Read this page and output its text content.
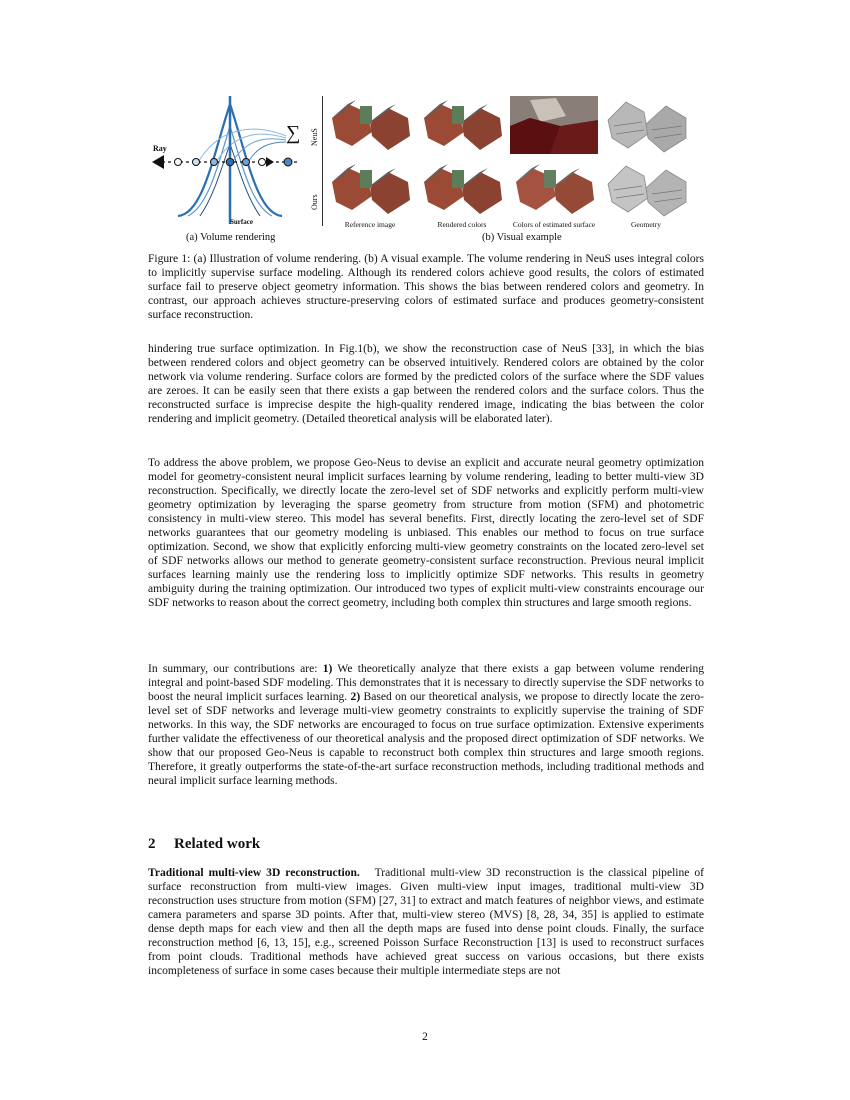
Ray
Surface
∑
(a) Volume rendering
NeuS
Ours
Reference image	Rendered colors	Colors of estimated surface	Geometry
(b) Visual example

Figure 1: (a) Illustration of volume rendering. (b) A visual example. The volume rendering in NeuS uses integral colors to implicitly supervise surface modeling. Although its rendered colors achieve good results, the colors of estimated surface fail to preserve object geometry information. This shows the bias between rendered colors and geometry. In contrast, our approach achieves structure-preserving colors of estimated surface and produces geometry-consistent surface reconstruction.

hindering true surface optimization. In Fig.1(b), we show the reconstruction case of NeuS [33], in which the bias between rendered colors and object geometry can be observed intuitively. Rendered colors are obtained by the color network via volume rendering. Surface colors are formed by the predicted colors of the surface where the SDF values are zeroes. It can be easily seen that there exists a gap between the rendered colors and the surface colors. Thus the reconstructed surface is imprecise despite the high-quality rendered image, indicating the bias between the color rendering and implicit geometry. (Detailed theoretical analysis will be elaborated later).

To address the above problem, we propose Geo-Neus to devise an explicit and accurate neural geometry optimization model for geometry-consistent neural implicit surfaces learning by volume rendering, leading to better multi-view 3D reconstruction. Specifically, we directly locate the zero-level set of SDF networks and explicitly perform multi-view geometry optimization by leveraging the sparse geometry from structure from motion (SFM) and photometric consistency in multi-view stereo. This model has several benefits. First, directly locating the zero-level set of SDF networks guarantees that our geometry modeling is unbiased. This enables our method to focus on true surface optimization. Second, we show that explicitly enforcing multi-view geometry constraints on the located zero-level set of SDF networks allows our method to generate geometry-consistent surface reconstruction. Previous neural implicit surfaces learning mainly use the rendering loss to implicitly optimize SDF networks. This results in geometry ambiguity during the training optimization. Our introduced two types of explicit multi-view constraints encourage our SDF networks to reason about the correct geometry, including both complex thin structures and large smooth regions.

In summary, our contributions are: 1) We theoretically analyze that there exists a gap between volume rendering integral and point-based SDF modeling. This demonstrates that it is necessary to directly supervise the SDF networks to boost the neural implicit surfaces learning. 2) Based on our theoretical analysis, we propose to directly locate the zero-level set of SDF networks and leverage multi-view geometry constraints to explicitly supervise the training of SDF networks. In this way, the SDF networks are encouraged to focus on true surface optimization. Extensive experiments further validate the effectiveness of our theoretical analysis and the proposed direct optimization of SDF networks. We show that our proposed Geo-Neus is capable to reconstruct both complex thin structures and large smooth regions. Therefore, it greatly outperforms the state-of-the-art surface reconstruction methods, including traditional methods and neural implicit surface learning methods.

2 Related work

Traditional multi-view 3D reconstruction. Traditional multi-view 3D reconstruction is the classical pipeline of surface reconstruction from multi-view images. Given multi-view input images, traditional multi-view 3D reconstruction uses structure from motion (SFM) [27, 31] to extract and match features of neighbor views, and estimate camera parameters and sparse 3D points. After that, multi-view stereo (MVS) [8, 28, 34, 35] is applied to estimate dense depth maps for each view and then all the depth maps are fused into dense point clouds. Finally, the surface reconstruction method [6, 13, 15], e.g., screened Poisson Surface Reconstruction [13] is used to reconstruct surfaces from point clouds. Traditional methods have achieved great success on various occasions, but there exists incompleteness of surface in some cases because their multiple intermediate steps are not

2
